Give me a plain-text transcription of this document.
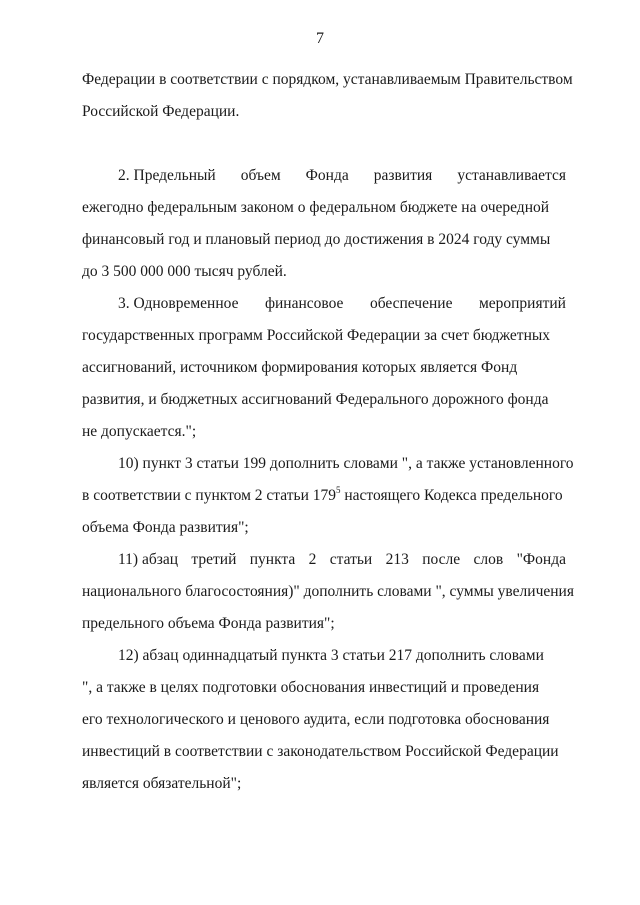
7
Федерации в соответствии с порядком, устанавливаемым Правительством
Российской Федерации.
2. Предельный объем Фонда развития устанавливается
ежегодно федеральным законом о федеральном бюджете на очередной
финансовый год и плановый период до достижения в 2024 году суммы
до 3 500 000 000 тысяч рублей.
3. Одновременное финансовое обеспечение мероприятий
государственных программ Российской Федерации за счет бюджетных
ассигнований, источником формирования которых является Фонд
развития, и бюджетных ассигнований Федерального дорожного фонда
не допускается.";
10) пункт 3 статьи 199 дополнить словами ", а также установленного
в соответствии с пунктом 2 статьи $179^5$ настоящего Кодекса предельного
объема Фонда развития";
11) абзац третий пункта 2 статьи 213 после слов "Фонда
национального благосостояния)" дополнить словами ", суммы увеличения
предельного объема Фонда развития";
12) абзац одиннадцатый пункта 3 статьи 217 дополнить словами
", а также в целях подготовки обоснования инвестиций и проведения
его технологического и ценового аудита, если подготовка обоснования
инвестиций в соответствии с законодательством Российской Федерации
является обязательной";
